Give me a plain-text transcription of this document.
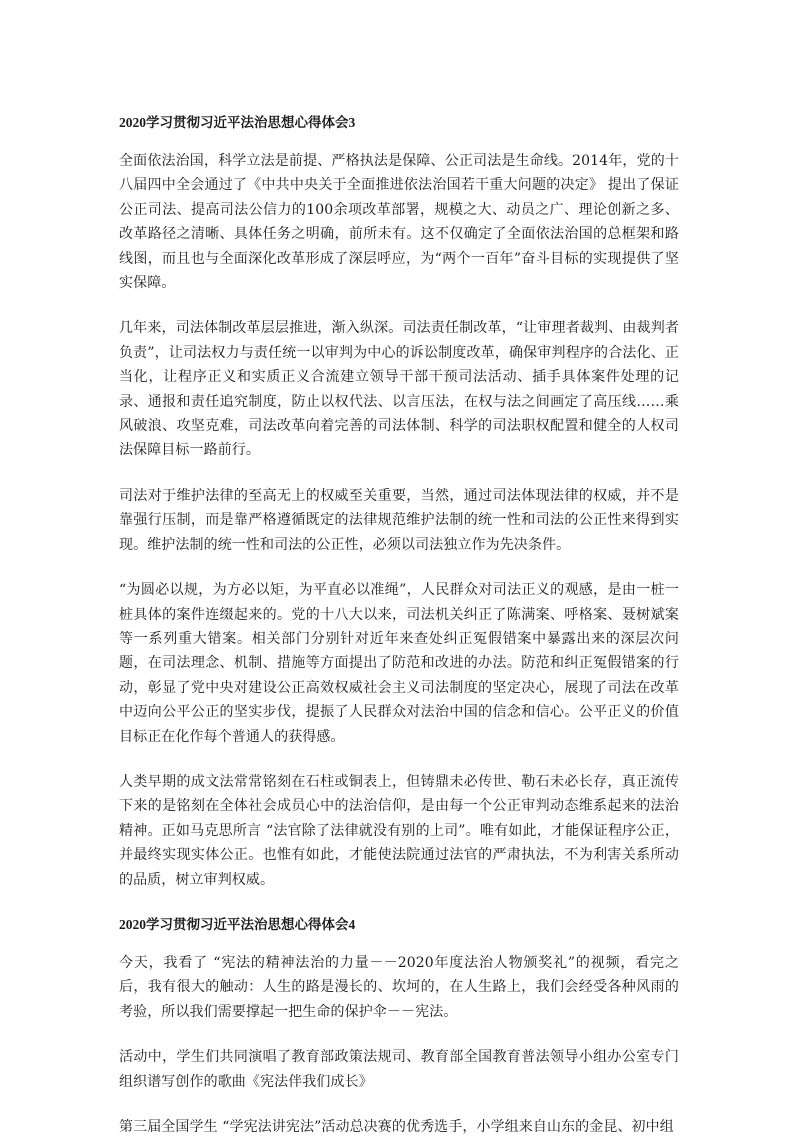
2020学习贯彻习近平法治思想心得体会3

全面依法治国，科学立法是前提、严格执法是保障、公正司法是生命线。2014年，党的十八届四中全会通过了《中共中央关于全面推进依法治国若干重大问题的决定》 提出了保证公正司法、提高司法公信力的100余项改革部署，规模之大、动员之广、理论创新之多、改革路径之清晰、具体任务之明确，前所未有。这不仅确定了全面依法治国的总框架和路线图，而且也与全面深化改革形成了深层呼应，为“两个一百年”奋斗目标的实现提供了坚实保障。

几年来，司法体制改革层层推进，渐入纵深。司法责任制改革，“让审理者裁判、由裁判者负责”，让司法权力与责任统一以审判为中心的诉讼制度改革，确保审判程序的合法化、正当化，让程序正义和实质正义合流建立领导干部干预司法活动、插手具体案件处理的记录、通报和责任追究制度，防止以权代法、以言压法，在权与法之间画定了高压线……乘风破浪、攻坚克难，司法改革向着完善的司法体制、科学的司法职权配置和健全的人权司法保障目标一路前行。

司法对于维护法律的至高无上的权威至关重要，当然，通过司法体现法律的权威，并不是靠强行压制，而是靠严格遵循既定的法律规范维护法制的统一性和司法的公正性来得到实现。维护法制的统一性和司法的公正性，必须以司法独立作为先决条件。

“为圆必以规，为方必以矩，为平直必以准绳”，人民群众对司法正义的观感，是由一桩一桩具体的案件连缀起来的。党的十八大以来，司法机关纠正了陈满案、呼格案、聂树斌案等一系列重大错案。相关部门分别针对近年来查处纠正冤假错案中暴露出来的深层次问题，在司法理念、机制、措施等方面提出了防范和改进的办法。防范和纠正冤假错案的行动，彰显了党中央对建设公正高效权威社会主义司法制度的坚定决心，展现了司法在改革中迈向公平公正的坚实步伐，提振了人民群众对法治中国的信念和信心。公平正义的价值目标正在化作每个普通人的获得感。

人类早期的成文法常常铭刻在石柱或铜表上，但铸鼎未必传世、勒石未必长存，真正流传下来的是铭刻在全体社会成员心中的法治信仰，是由每一个公正审判动态维系起来的法治精神。正如马克思所言 “法官除了法律就没有别的上司”。唯有如此，才能保证程序公正，并最终实现实体公正。也惟有如此，才能使法院通过法官的严肃执法，不为利害关系所动的品质，树立审判权威。

2020学习贯彻习近平法治思想心得体会4

今天，我看了 “宪法的精神法治的力量－－2020年度法治人物颁奖礼”的视频，看完之后，我有很大的触动：人生的路是漫长的、坎坷的，在人生路上，我们会经受各种风雨的考验，所以我们需要撑起一把生命的保护伞－－宪法。

活动中，学生们共同演唱了教育部政策法规司、教育部全国教育普法领导小组办公室专门组织谱写创作的歌曲《宪法伴我们成长》

第三届全国学生 “学宪法讲宪法”活动总决赛的优秀选手，小学组来自山东的金昆、初中组
